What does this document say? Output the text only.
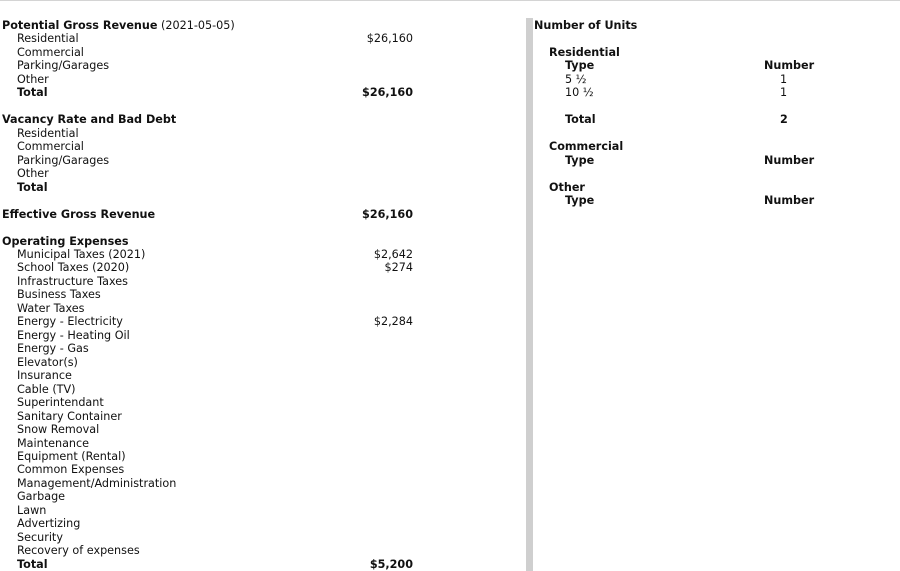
Potential Gross Revenue (2021-05-05)
Residential	$26,160
Commercial
Parking/Garages
Other
Total	$26,160
Vacancy Rate and Bad Debt
Residential
Commercial
Parking/Garages
Other
Total
Effective Gross Revenue	$26,160
Operating Expenses
Municipal Taxes (2021)	$2,642
School Taxes (2020)	$274
Infrastructure Taxes
Business Taxes
Water Taxes
Energy - Electricity	$2,284
Energy - Heating Oil
Energy - Gas
Elevator(s)
Insurance
Cable (TV)
Superintendant
Sanitary Container
Snow Removal
Maintenance
Equipment (Rental)
Common Expenses
Management/Administration
Garbage
Lawn
Advertizing
Security
Recovery of expenses
Total	$5,200
Number of Units
Residential
Type	Number
5 ½	1
10 ½	1
Total	2
Commercial
Type	Number
Other
Type	Number
